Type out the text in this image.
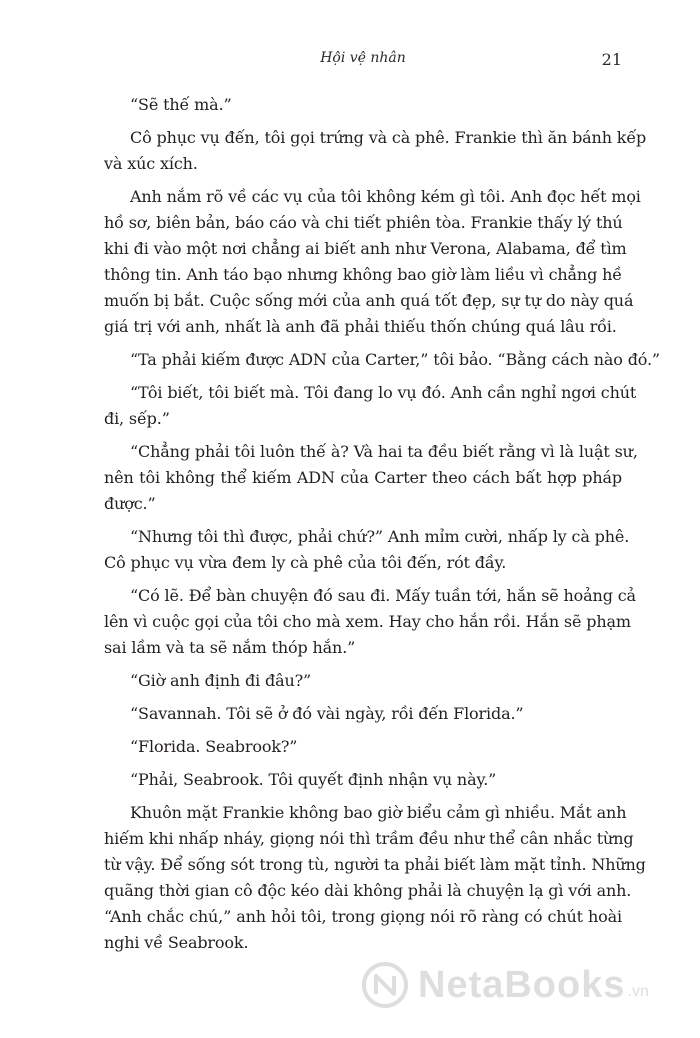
Hội vệ nhân	21

“Sẽ thế mà.”

Cô phục vụ đến, tôi gọi trứng và cà phê. Frankie thì ăn bánh kếp
và xúc xích.

Anh nắm rõ về các vụ của tôi không kém gì tôi. Anh đọc hết mọi
hồ sơ, biên bản, báo cáo và chi tiết phiên tòa. Frankie thấy lý thú
khi đi vào một nơi chẳng ai biết anh như Verona, Alabama, để tìm
thông tin. Anh táo bạo nhưng không bao giờ làm liều vì chẳng hề
muốn bị bắt. Cuộc sống mới của anh quá tốt đẹp, sự tự do này quá
giá trị với anh, nhất là anh đã phải thiếu thốn chúng quá lâu rồi.

“Ta phải kiếm được ADN của Carter,” tôi bảo. “Bằng cách nào đó.”

“Tôi biết, tôi biết mà. Tôi đang lo vụ đó. Anh cần nghỉ ngơi chút
đi, sếp.”

“Chẳng phải tôi luôn thế à? Và hai ta đều biết rằng vì là luật sư,
nên tôi không thể kiếm ADN của Carter theo cách bất hợp pháp
được.”

“Nhưng tôi thì được, phải chứ?” Anh mỉm cười, nhấp ly cà phê.
Cô phục vụ vừa đem ly cà phê của tôi đến, rót đầy.

“Có lẽ. Để bàn chuyện đó sau đi. Mấy tuần tới, hắn sẽ hoảng cả
lên vì cuộc gọi của tôi cho mà xem. Hay cho hắn rồi. Hắn sẽ phạm
sai lầm và ta sẽ nắm thóp hắn.”

“Giờ anh định đi đâu?”

“Savannah. Tôi sẽ ở đó vài ngày, rồi đến Florida.”

“Florida. Seabrook?”

“Phải, Seabrook. Tôi quyết định nhận vụ này.”

Khuôn mặt Frankie không bao giờ biểu cảm gì nhiều. Mắt anh
hiếm khi nhấp nháy, giọng nói thì trầm đều như thể cân nhắc từng
từ vậy. Để sống sót trong tù, người ta phải biết làm mặt tỉnh. Những
quãng thời gian cô độc kéo dài không phải là chuyện lạ gì với anh.
“Anh chắc chú,” anh hỏi tôi, trong giọng nói rõ ràng có chút hoài
nghi về Seabrook.

NetaBooks .vn
